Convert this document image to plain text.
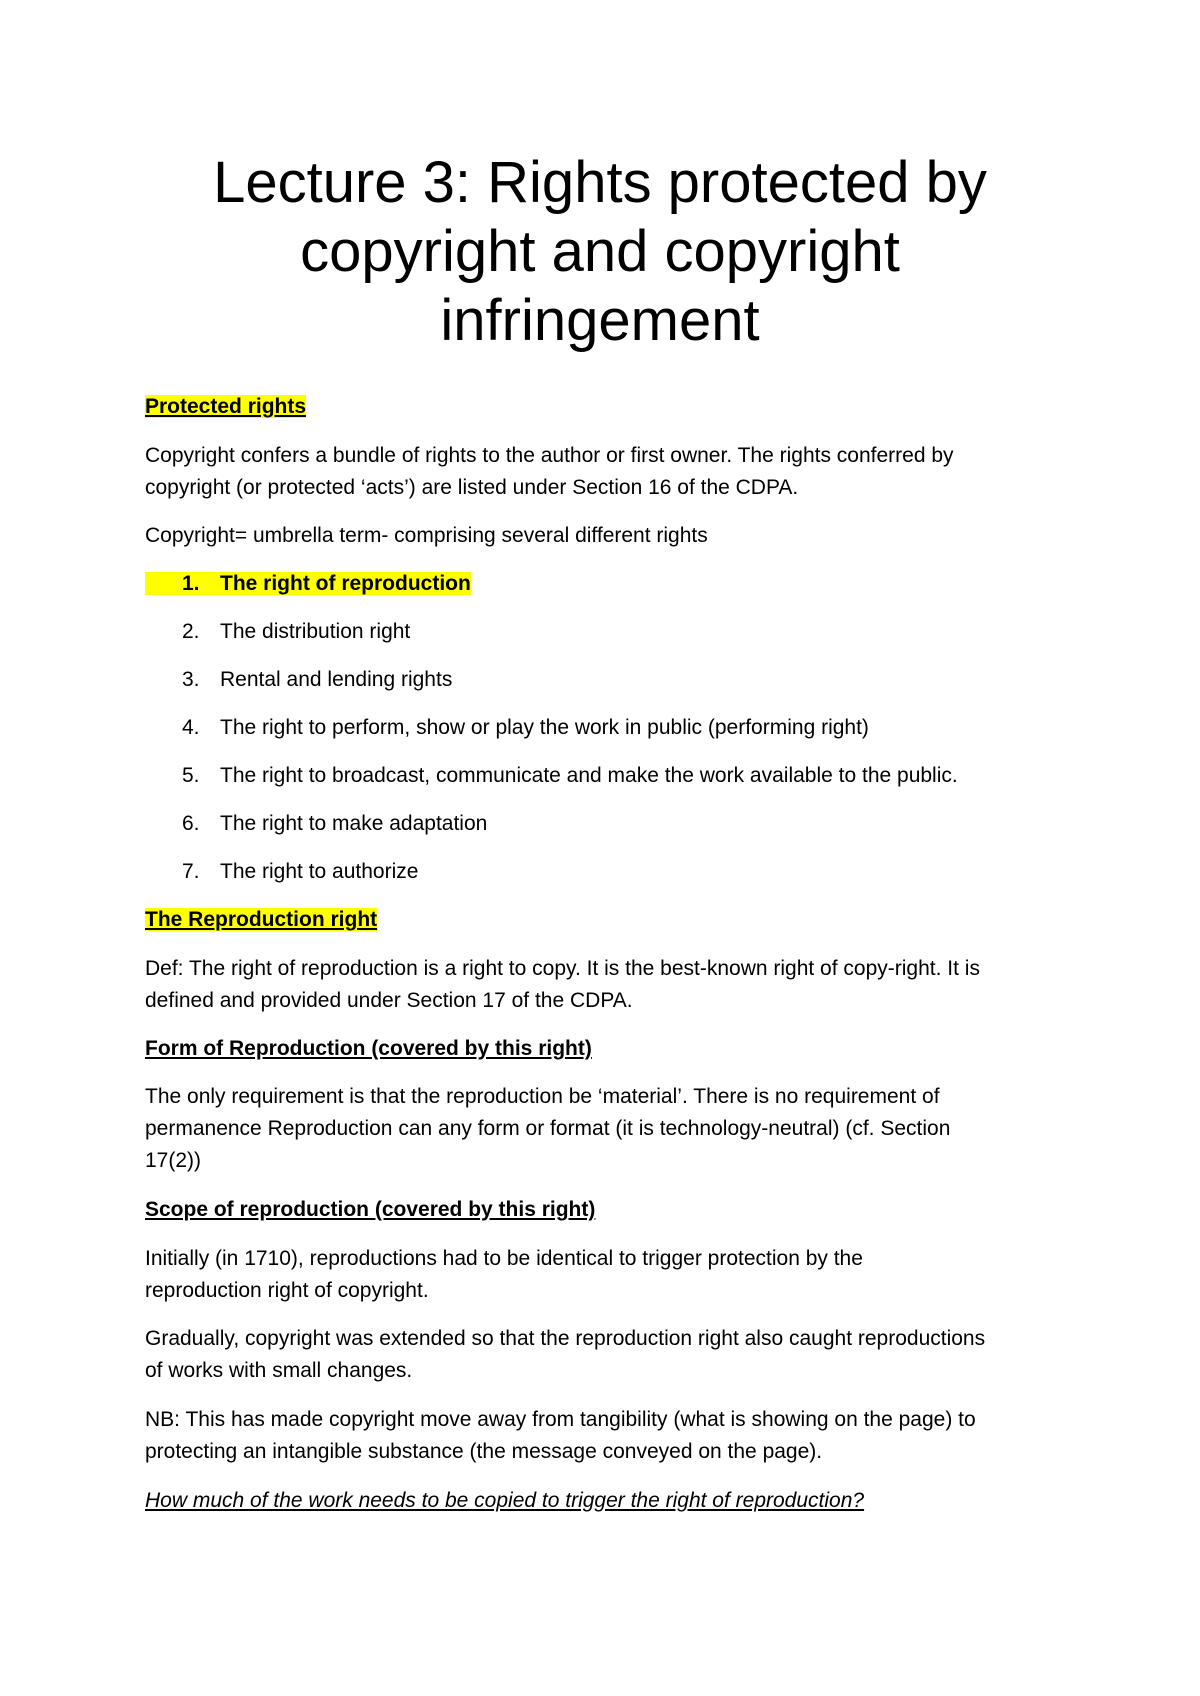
Lecture 3: Rights protected by
copyright and copyright
infringement

Protected rights

Copyright confers a bundle of rights to the author or first owner. The rights conferred by
copyright (or protected ‘acts’) are listed under Section 16 of the CDPA.

Copyright= umbrella term- comprising several different rights

1. The right of reproduction

2. The distribution right

3. Rental and lending rights

4. The right to perform, show or play the work in public (performing right)

5. The right to broadcast, communicate and make the work available to the public.

6. The right to make adaptation

7. The right to authorize

The Reproduction right

Def: The right of reproduction is a right to copy. It is the best-known right of copy-right. It is
defined and provided under Section 17 of the CDPA.

Form of Reproduction (covered by this right)

The only requirement is that the reproduction be ‘material’. There is no requirement of
permanence Reproduction can any form or format (it is technology-neutral) (cf. Section
17(2))

Scope of reproduction (covered by this right)

Initially (in 1710), reproductions had to be identical to trigger protection by the
reproduction right of copyright.

Gradually, copyright was extended so that the reproduction right also caught reproductions
of works with small changes.

NB: This has made copyright move away from tangibility (what is showing on the page) to
protecting an intangible substance (the message conveyed on the page).

How much of the work needs to be copied to trigger the right of reproduction?
